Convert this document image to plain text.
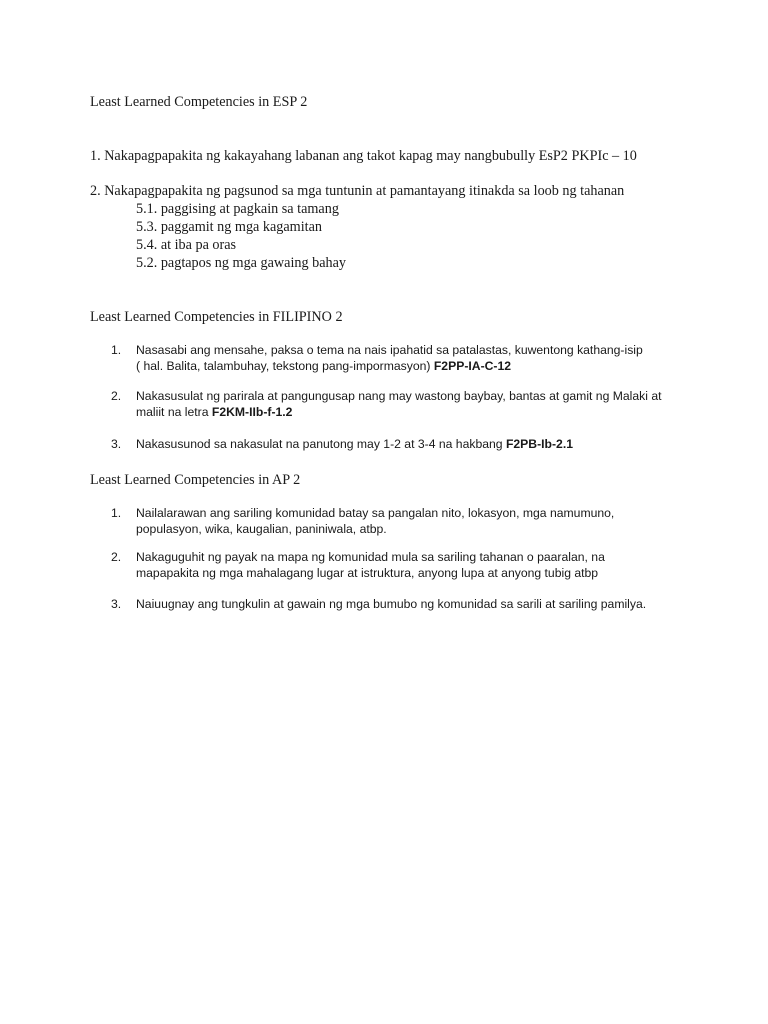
Least Learned Competencies in ESP 2
1. Nakapagpapakita ng kakayahang labanan ang takot kapag may nangbubully EsP2 PKPIc – 10
2. Nakapagpapakita ng pagsunod sa mga tuntunin at pamantayang itinakda sa loob ng tahanan
5.1. paggising at pagkain sa tamang
5.3. paggamit ng mga kagamitan
5.4. at iba pa oras
5.2. pagtapos ng mga gawaing bahay
Least Learned Competencies in FILIPINO 2
1.	Nasasabi ang mensahe, paksa o tema na nais ipahatid sa patalastas, kuwentong kathang-isip
( hal. Balita, talambuhay, tekstong pang-impormasyon) F2PP-IA-C-12
2.	Nakasusulat ng parirala at pangungusap nang may wastong baybay, bantas at gamit ng Malaki at
maliit na letra F2KM-IIb-f-1.2
3.	Nakasusunod sa nakasulat na panutong may 1-2 at 3-4 na hakbang F2PB-Ib-2.1
Least Learned Competencies in AP 2
1.	Nailalarawan ang sariling komunidad batay sa pangalan nito, lokasyon, mga namumuno,
populasyon, wika, kaugalian, paniniwala, atbp.
2.	Nakaguguhit ng payak na mapa ng komunidad mula sa sariling tahanan o paaralan, na
mapapakita ng mga mahalagang lugar at istruktura, anyong lupa at anyong tubig atbp
3.	Naiuugnay ang tungkulin at gawain ng mga bumubo ng komunidad sa sarili at sariling pamilya.
